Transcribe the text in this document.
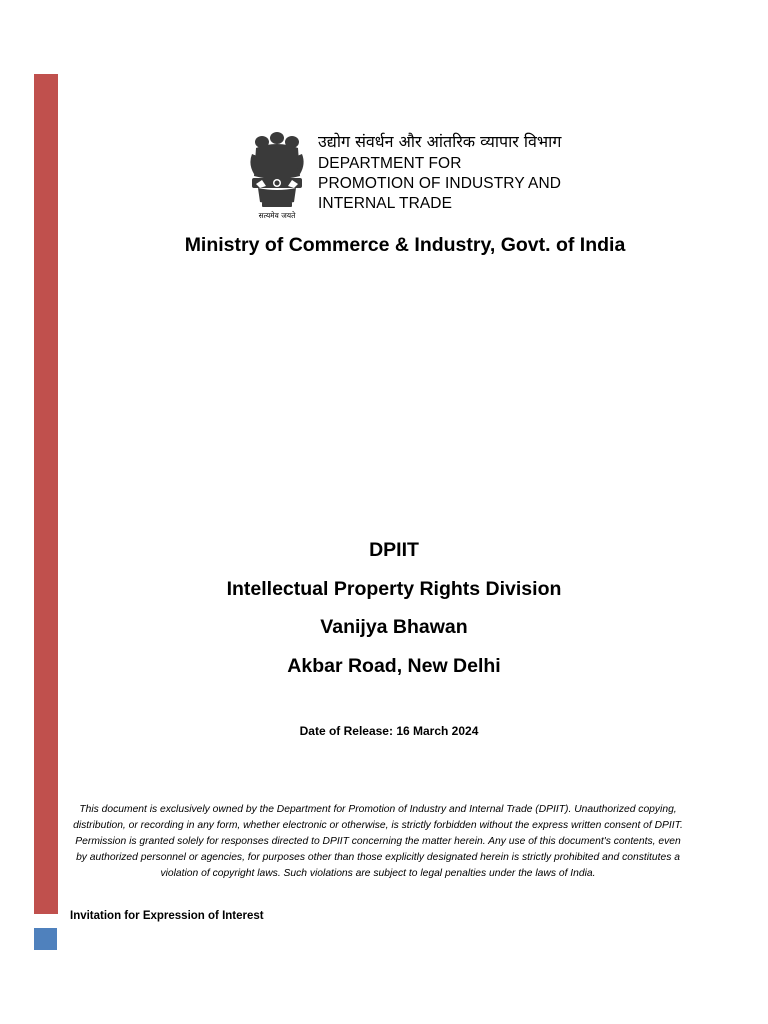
सत्यमेव जयते
उद्योग संवर्धन और आंतरिक व्यापार विभाग
DEPARTMENT FOR
PROMOTION OF INDUSTRY AND
INTERNAL TRADE
Ministry of Commerce & Industry, Govt. of India
DPIIT
Intellectual Property Rights Division
Vanijya Bhawan
Akbar Road, New Delhi
Date of Release: 16 March 2024
This document is exclusively owned by the Department for Promotion of Industry and Internal Trade (DPIIT). Unauthorized copying, distribution, or recording in any form, whether electronic or otherwise, is strictly forbidden without the express written consent of DPIIT. Permission is granted solely for responses directed to DPIIT concerning the matter herein. Any use of this document's contents, even by authorized personnel or agencies, for purposes other than those explicitly designated herein is strictly prohibited and constitutes a violation of copyright laws. Such violations are subject to legal penalties under the laws of India.
Invitation for Expression of Interest
